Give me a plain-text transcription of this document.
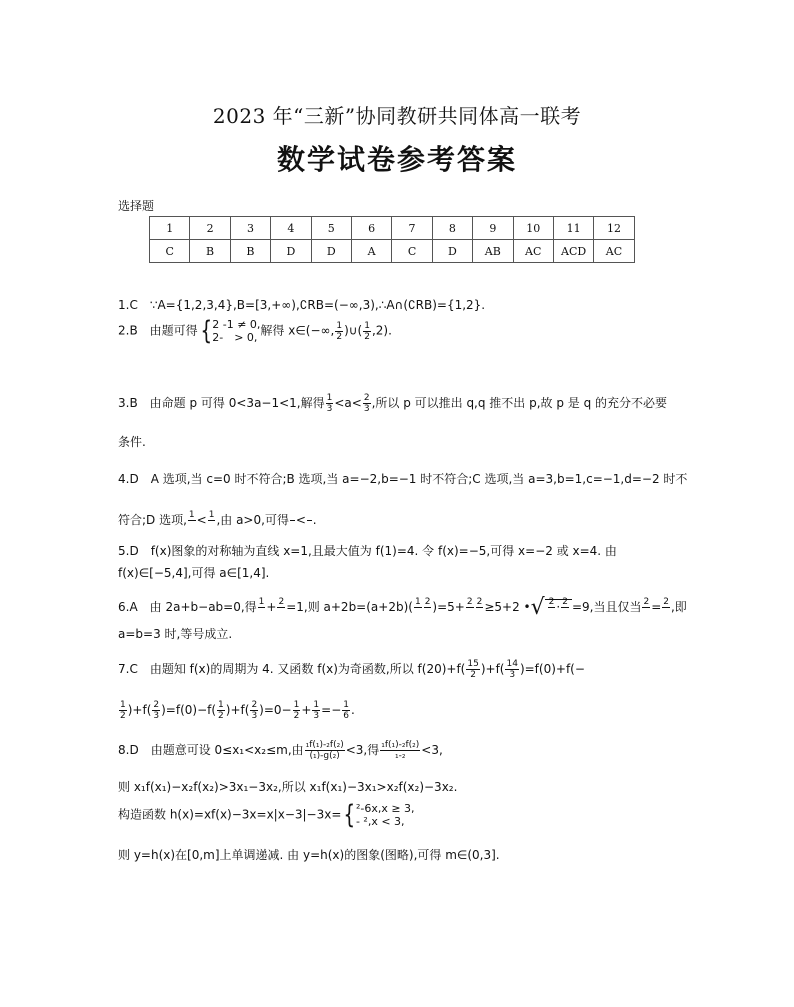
2023 年“三新”协同教研共同体高一联考
数学试卷参考答案
选择题
1	2	3	4	5	6	7	8	9	10	11	12
C	B	B	D	D	A	C	D	AB	AC	ACD	AC
1.C　∵A={1,2,3,4},B=[3,+∞),∁RB=(−∞,3),∴A∩(∁RB)={1,2}.
2.B　由题可得{ 2 -1 ≠ 0,
2-　> 0, 解得 x∈(−∞, $\frac{1}{2}$ )∪( $\frac{1}{2} ,2$).
3.B　由命题 p 可得 0<3a−1<1,解得 $\frac{1}{3} <a< \frac{2}{3}$ ,所以 p 可以推出 q,q 推不出 p,故 p 是 q 的充分不必要
条件.
4.D　A 选项,当 c=0 时不符合;B 选项,当 a=−2,b=−1 时不符合;C 选项,当 a=3,b=1,c=−1,d=−2 时不
符合;D 选项, 1
< 1
,由 a>0,可得

<

.
5.D　f(x)图象的对称轴为直线 x=1,且最大值为 f(1)=4. 令 f(x)=−5,可得 x=−2 或 x=4. 由
f(x)∈[−5,4],可得 a∈[1,4].
6.A　由 2a+b−ab=0,得 1
+ 2
=1,则 a+2b=(a+2b)( 1
2
)=5+ 2
2
≥5+2 •√ 2
· 2
=9,当且仅当 2
= 2
,即
a=b=3 时,等号成立.
7.C　由题知 f(x)的周期为 4. 又函数 f(x)为奇函数,所以 $f(20)+f( \frac{15}{2} )+f( \frac{14}{3} )=f(0)+f(-$
$\frac{1}{2} )+f( \frac{2}{3} )=f(0)-f( \frac{1}{2} )+f( \frac{2}{3} )=0- \frac{1}{2} + \frac{1}{3} =- \frac{1}{6}$ .
8.D　由题意可设 0≤x₁<x₂≤m,由 $\frac{\text{₁f(₁)-₂f(₂)}}{\text{(₁)-g(₂)}} <3$,得 $\frac{\text{₁f(₁)-₂f(₂)}}{\text{₁-₂}} <3$,
则 x₁f(x₁)−x₂f(x₂)>3x₁−3x₂,所以 x₁f(x₁)−3x₁>x₂f(x₂)−3x₂.
构造函数 h(x)=xf(x)−3x=x|x−3|−3x={ ²-6x,x ≥ 3,
- ²,x < 3,
则 y=h(x)在[0,m]上单调递减. 由 y=h(x)的图象(图略),可得 m∈(0,3].
